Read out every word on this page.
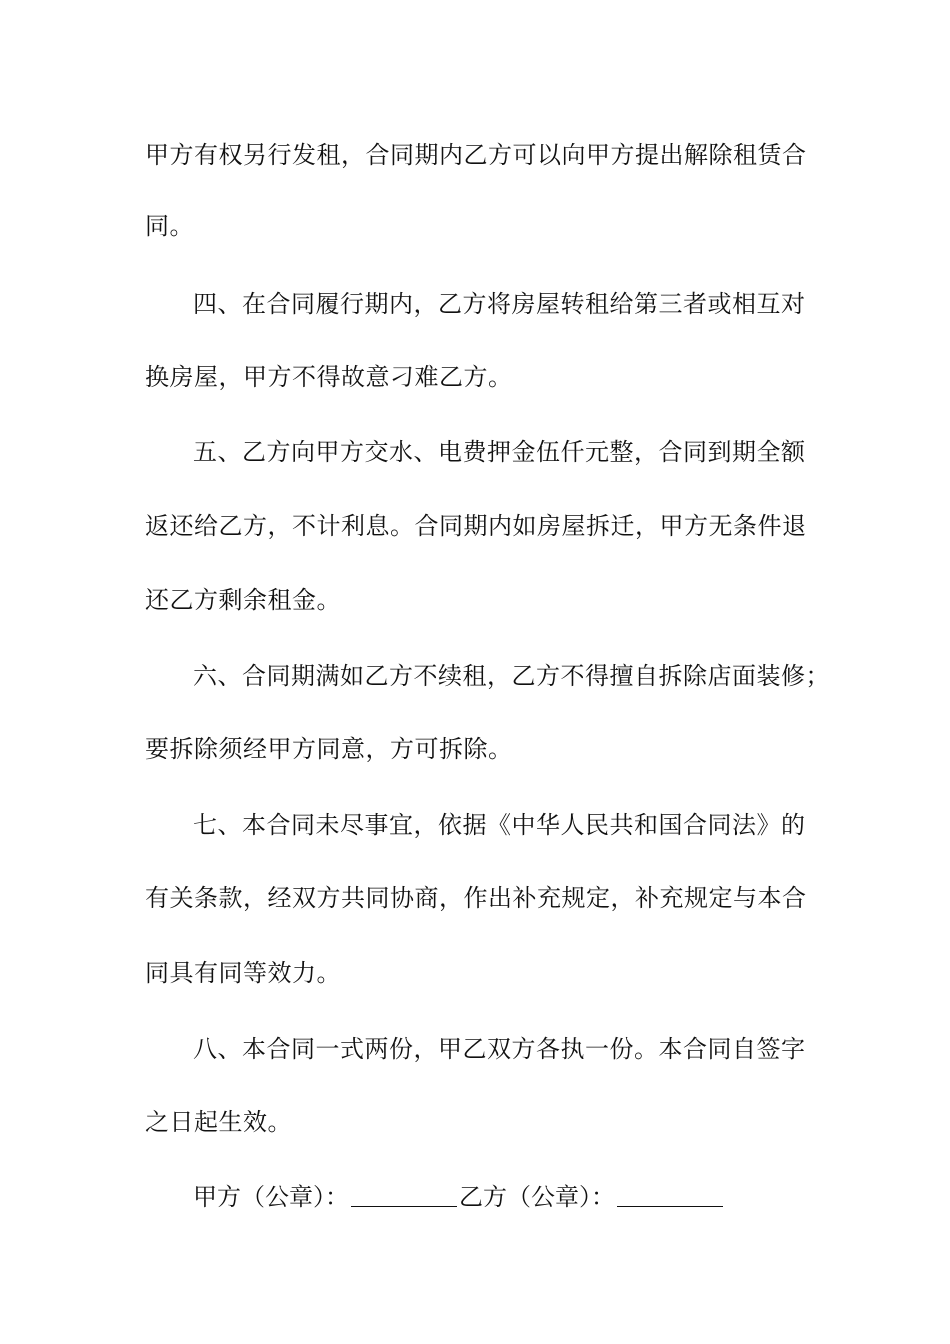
甲方有权另行发租，合同期内乙方可以向甲方提出解除租赁合
同。
四、在合同履行期内，乙方将房屋转租给第三者或相互对
换房屋，甲方不得故意刁难乙方。
五、乙方向甲方交水、电费押金伍仟元整，合同到期全额
返还给乙方，不计利息。合同期内如房屋拆迁，甲方无条件退
还乙方剩余租金。
六、合同期满如乙方不续租，乙方不得擅自拆除店面装修；
要拆除须经甲方同意，方可拆除。
七、本合同未尽事宜，依据《中华人民共和国合同法》的
有关条款，经双方共同协商，作出补充规定，补充规定与本合
同具有同等效力。
八、本合同一式两份，甲乙双方各执一份。本合同自签字
之日起生效。
甲方（公章）：	乙方（公章）：
